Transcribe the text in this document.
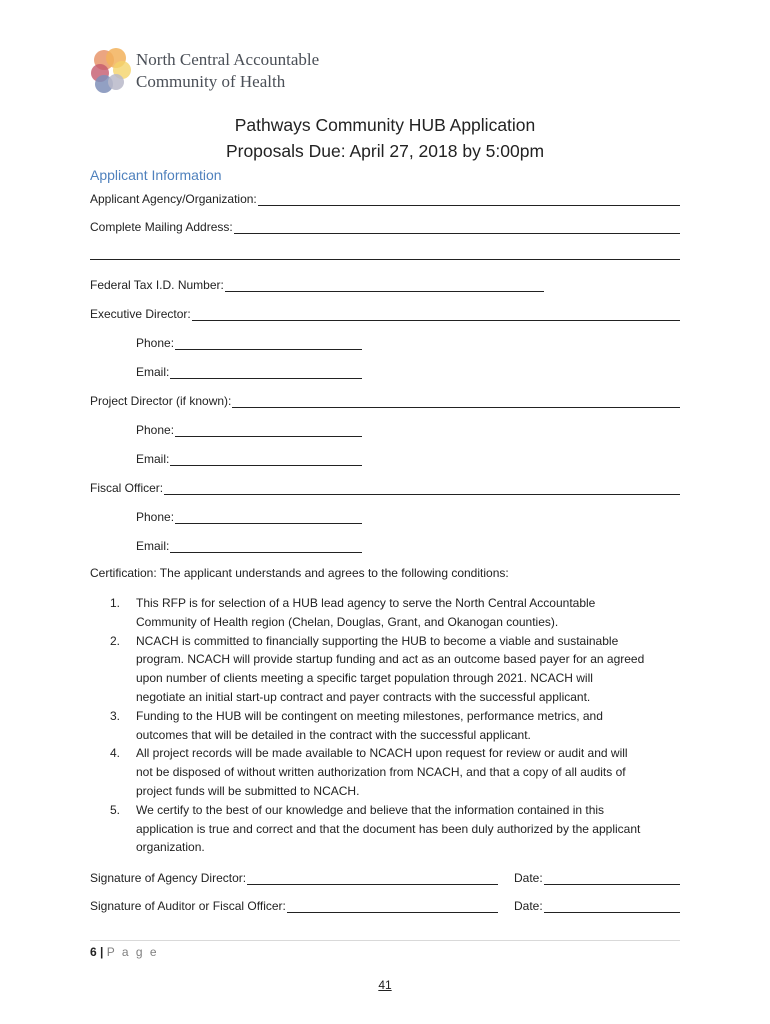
North Central Accountable
Community of Health
Pathways Community HUB Application
Proposals Due: April 27, 2018 by 5:00pm
Applicant Information
Applicant Agency/Organization:
Complete Mailing Address:
Federal Tax I.D. Number:
Executive Director:
Phone:
Email:
Project Director (if known):
Phone:
Email:
Fiscal Officer:
Phone:
Email:
Certification: The applicant understands and agrees to the following conditions:
1. This RFP is for selection of a HUB lead agency to serve the North Central Accountable
Community of Health region (Chelan, Douglas, Grant, and Okanogan counties).
2. NCACH is committed to financially supporting the HUB to become a viable and sustainable
program. NCACH will provide startup funding and act as an outcome based payer for an agreed
upon number of clients meeting a specific target population through 2021. NCACH will
negotiate an initial start-up contract and payer contracts with the successful applicant.
3. Funding to the HUB will be contingent on meeting milestones, performance metrics, and
outcomes that will be detailed in the contract with the successful applicant.
4. All project records will be made available to NCACH upon request for review or audit and will
not be disposed of without written authorization from NCACH, and that a copy of all audits of
project funds will be submitted to NCACH.
5. We certify to the best of our knowledge and believe that the information contained in this
application is true and correct and that the document has been duly authorized by the applicant
organization.
Signature of Agency Director:	Date:
Signature of Auditor or Fiscal Officer:	Date:
6 | P a g e
41
